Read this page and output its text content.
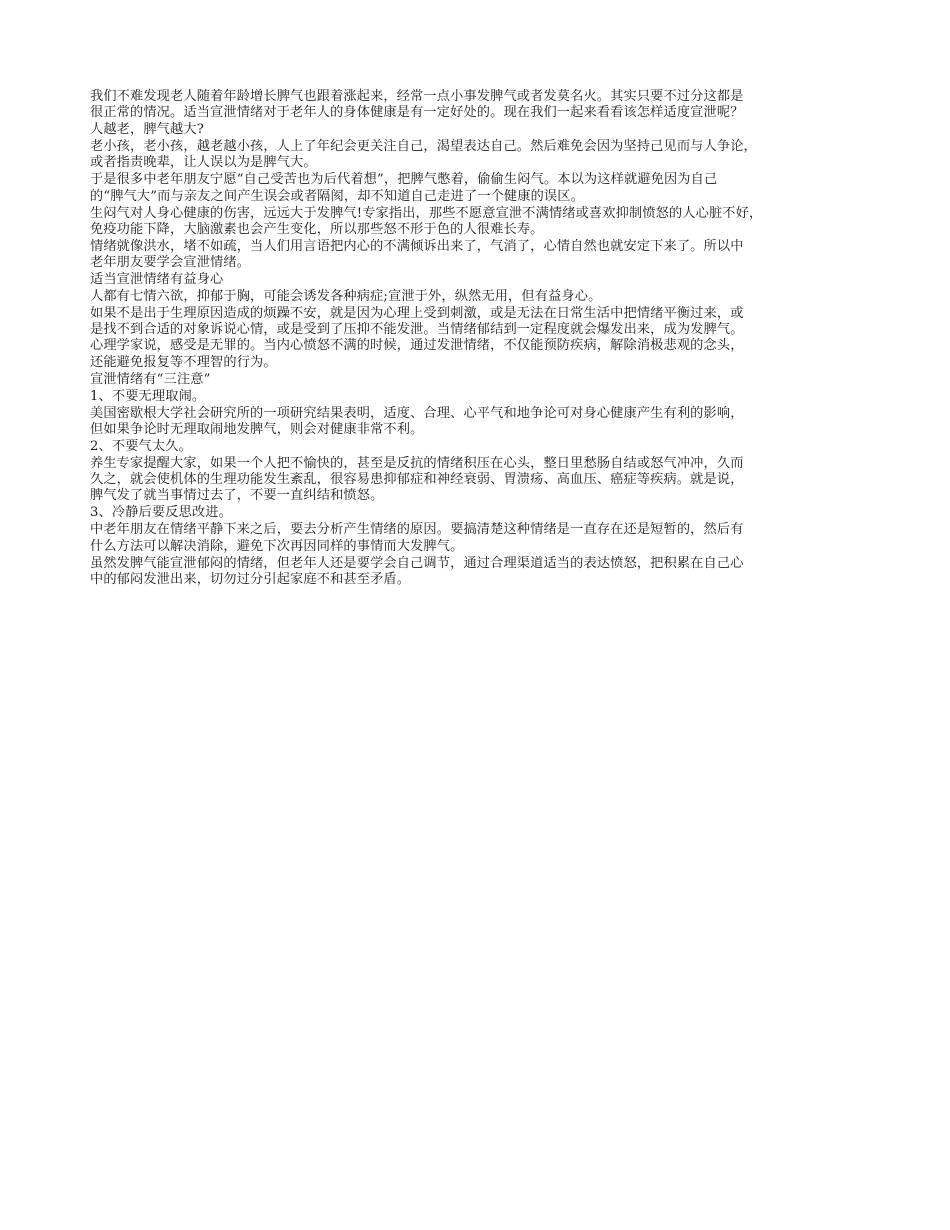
我们不难发现老人随着年龄增长脾气也跟着涨起来，经常一点小事发脾气或者发莫名火。其实只要不过分这都是
很正常的情况。适当宣泄情绪对于老年人的身体健康是有一定好处的。现在我们一起来看看该怎样适度宣泄呢？

人越老，脾气越大?

老小孩，老小孩，越老越小孩，人上了年纪会更关注自己，渴望表达自己。然后难免会因为坚持己见而与人争论，
或者指责晚辈，让人误以为是脾气大。

于是很多中老年朋友宁愿“自己受苦也为后代着想”，把脾气憋着，偷偷生闷气。本以为这样就避免因为自己
的“脾气大”而与亲友之间产生误会或者隔阂，却不知道自己走进了一个健康的误区。

生闷气对人身心健康的伤害，远远大于发脾气!专家指出，那些不愿意宣泄不满情绪或喜欢抑制愤怒的人心脏不好，
免疫功能下降，大脑激素也会产生变化，所以那些怒不形于色的人很难长寿。

情绪就像洪水，堵不如疏，当人们用言语把内心的不满倾诉出来了，气消了，心情自然也就安定下来了。所以中
老年朋友要学会宣泄情绪。

适当宣泄情绪有益身心

人都有七情六欲，抑郁于胸，可能会诱发各种病症;宣泄于外，纵然无用，但有益身心。

如果不是出于生理原因造成的烦躁不安，就是因为心理上受到刺激，或是无法在日常生活中把情绪平衡过来，或
是找不到合适的对象诉说心情，或是受到了压抑不能发泄。当情绪郁结到一定程度就会爆发出来，成为发脾气。
心理学家说，感受是无罪的。当内心愤怒不满的时候，通过发泄情绪，不仅能预防疾病，解除消极悲观的念头，
还能避免报复等不理智的行为。

宣泄情绪有“三注意”

1、不要无理取闹。

美国密歇根大学社会研究所的一项研究结果表明，适度、合理、心平气和地争论可对身心健康产生有利的影响，
但如果争论时无理取闹地发脾气，则会对健康非常不利。

2、不要气太久。

养生专家提醒大家，如果一个人把不愉快的，甚至是反抗的情绪积压在心头，整日里愁肠自结或怒气冲冲，久而
久之，就会使机体的生理功能发生紊乱，很容易患抑郁症和神经衰弱、胃溃疡、高血压、癌症等疾病。就是说，
脾气发了就当事情过去了，不要一直纠结和愤怒。

3、冷静后要反思改进。

中老年朋友在情绪平静下来之后，要去分析产生情绪的原因。要搞清楚这种情绪是一直存在还是短暂的，然后有
什么方法可以解决消除，避免下次再因同样的事情而大发脾气。

虽然发脾气能宣泄郁闷的情绪，但老年人还是要学会自己调节，通过合理渠道适当的表达愤怒，把积累在自己心
中的郁闷发泄出来，切勿过分引起家庭不和甚至矛盾。
